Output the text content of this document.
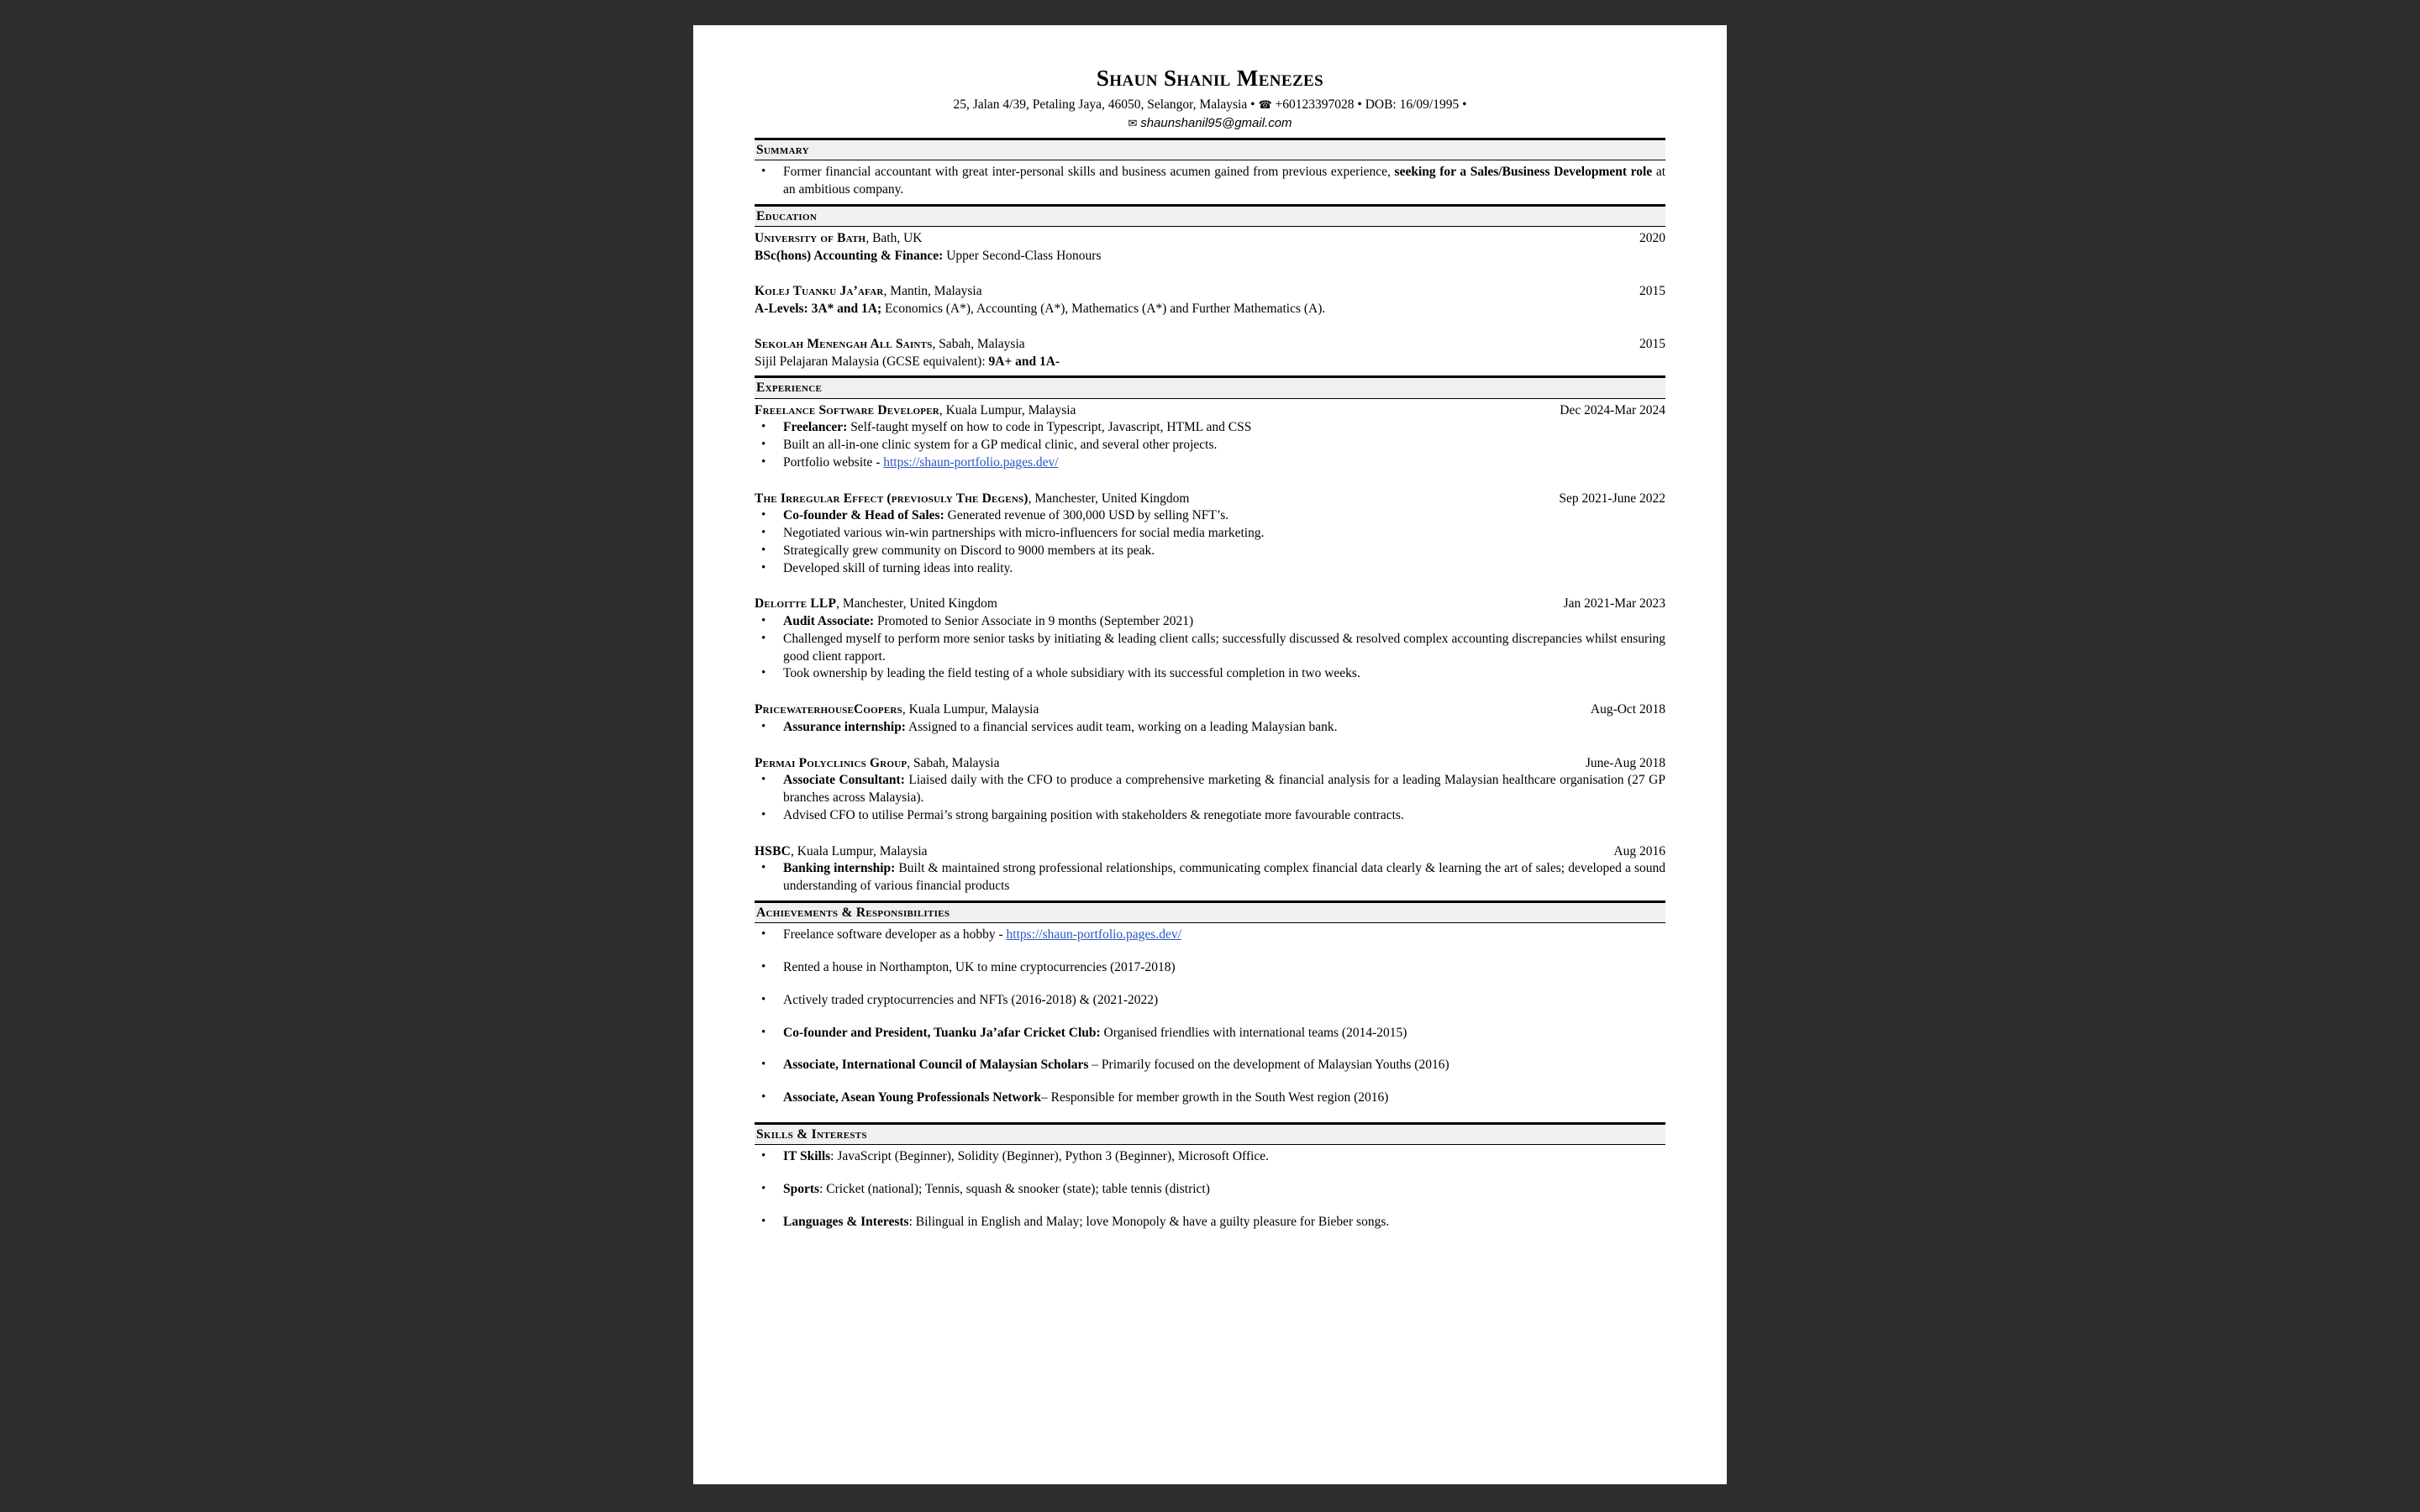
Shaun Shanil Menezes
25, Jalan 4/39, Petaling Jaya, 46050, Selangor, Malaysia • ☎ +60123397028 • DOB: 16/09/1995 •
✉ shaunshanil95@gmail.com
Summary
• Former financial accountant with great inter-personal skills and business acumen gained from previous experience, seeking for a Sales/Business Development role at an ambitious company.
Education
University of Bath, Bath, UK	2020
BSc(hons) Accounting & Finance: Upper Second-Class Honours
Kolej Tuanku Ja’afar, Mantin, Malaysia	2015
A-Levels: 3A* and 1A; Economics (A*), Accounting (A*), Mathematics (A*) and Further Mathematics (A).
Sekolah Menengah All Saints, Sabah, Malaysia	2015
Sijil Pelajaran Malaysia (GCSE equivalent): 9A+ and 1A-
Experience
Freelance Software Developer, Kuala Lumpur, Malaysia	Dec 2024-Mar 2024
• Freelancer: Self-taught myself on how to code in Typescript, Javascript, HTML and CSS
• Built an all-in-one clinic system for a GP medical clinic, and several other projects.
• Portfolio website - https://shaun-portfolio.pages.dev/
The Irregular Effect (previosuly The Degens), Manchester, United Kingdom	Sep 2021-June 2022
• Co-founder & Head of Sales: Generated revenue of 300,000 USD by selling NFT’s.
• Negotiated various win-win partnerships with micro-influencers for social media marketing.
• Strategically grew community on Discord to 9000 members at its peak.
• Developed skill of turning ideas into reality.
Deloitte LLP, Manchester, United Kingdom	Jan 2021-Mar 2023
• Audit Associate: Promoted to Senior Associate in 9 months (September 2021)
• Challenged myself to perform more senior tasks by initiating & leading client calls; successfully discussed & resolved complex accounting discrepancies whilst ensuring good client rapport.
• Took ownership by leading the field testing of a whole subsidiary with its successful completion in two weeks.
PricewaterhouseCoopers, Kuala Lumpur, Malaysia	Aug-Oct 2018
• Assurance internship: Assigned to a financial services audit team, working on a leading Malaysian bank.
Permai Polyclinics Group, Sabah, Malaysia	June-Aug 2018
• Associate Consultant: Liaised daily with the CFO to produce a comprehensive marketing & financial analysis for a leading Malaysian healthcare organisation (27 GP branches across Malaysia).
• Advised CFO to utilise Permai’s strong bargaining position with stakeholders & renegotiate more favourable contracts.
HSBC, Kuala Lumpur, Malaysia	Aug 2016
• Banking internship: Built & maintained strong professional relationships, communicating complex financial data clearly & learning the art of sales; developed a sound understanding of various financial products
Achievements & Responsibilities
• Freelance software developer as a hobby - https://shaun-portfolio.pages.dev/
• Rented a house in Northampton, UK to mine cryptocurrencies (2017-2018)
• Actively traded cryptocurrencies and NFTs (2016-2018) & (2021-2022)
• Co-founder and President, Tuanku Ja’afar Cricket Club: Organised friendlies with international teams (2014-2015)
• Associate, International Council of Malaysian Scholars – Primarily focused on the development of Malaysian Youths (2016)
• Associate, Asean Young Professionals Network– Responsible for member growth in the South West region (2016)
Skills & Interests
• IT Skills: JavaScript (Beginner), Solidity (Beginner), Python 3 (Beginner), Microsoft Office.
• Sports: Cricket (national); Tennis, squash & snooker (state); table tennis (district)
• Languages & Interests: Bilingual in English and Malay; love Monopoly & have a guilty pleasure for Bieber songs.
